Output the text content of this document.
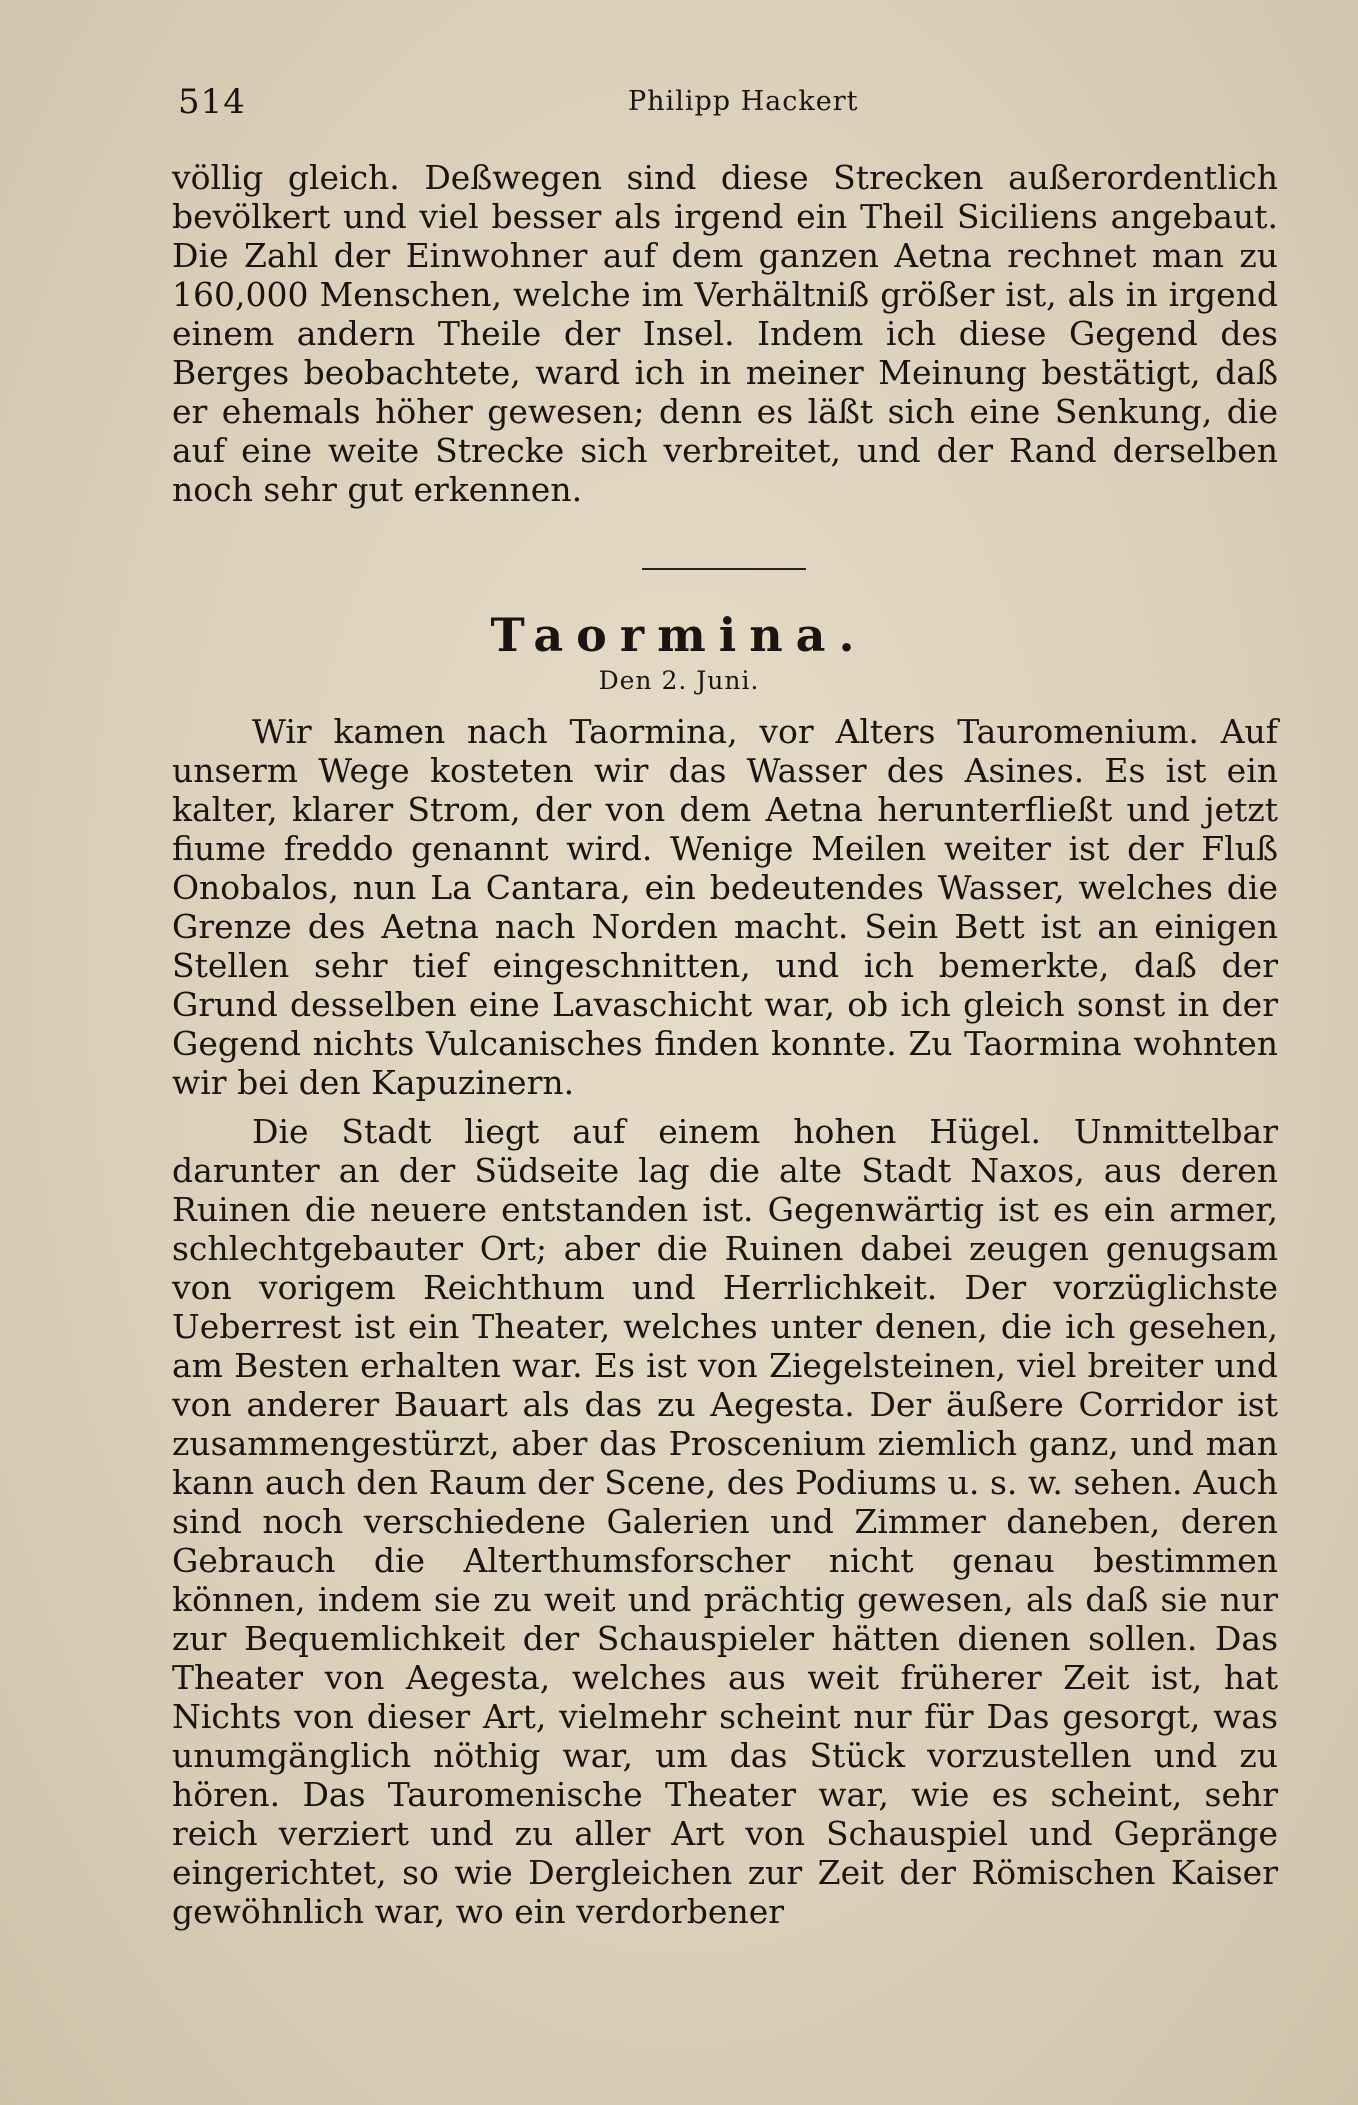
514	Philipp Hackert

völlig gleich. Deßwegen sind diese Strecken außerordentlich bevölkert und viel besser als irgend ein Theil Siciliens angebaut. Die Zahl der Einwohner auf dem ganzen Aetna rechnet man zu 160,000 Menschen, welche im Verhältniß größer ist, als in irgend einem andern Theile der Insel. Indem ich diese Gegend des Berges beobachtete, ward ich in meiner Meinung bestätigt, daß er ehemals höher gewesen; denn es läßt sich eine Senkung, die auf eine weite Strecke sich verbreitet, und der Rand derselben noch sehr gut erkennen.

Taormina.
Den 2. Juni.

Wir kamen nach Taormina, vor Alters Tauromenium. Auf unserm Wege kosteten wir das Wasser des Asines. Es ist ein kalter, klarer Strom, der von dem Aetna herunterfließt und jetzt fiume freddo genannt wird. Wenige Meilen weiter ist der Fluß Onobalos, nun La Cantara, ein bedeutendes Wasser, welches die Grenze des Aetna nach Norden macht. Sein Bett ist an einigen Stellen sehr tief eingeschnitten, und ich bemerkte, daß der Grund desselben eine Lavaschicht war, ob ich gleich sonst in der Gegend nichts Vulcanisches finden konnte. Zu Taormina wohnten wir bei den Kapuzinern.

Die Stadt liegt auf einem hohen Hügel. Unmittelbar darunter an der Südseite lag die alte Stadt Naxos, aus deren Ruinen die neuere entstanden ist. Gegenwärtig ist es ein armer, schlechtgebauter Ort; aber die Ruinen dabei zeugen genugsam von vorigem Reichthum und Herrlichkeit. Der vorzüglichste Ueberrest ist ein Theater, welches unter denen, die ich gesehen, am Besten erhalten war. Es ist von Ziegelsteinen, viel breiter und von anderer Bauart als das zu Aegesta. Der äußere Corridor ist zusammengestürzt, aber das Proscenium ziemlich ganz, und man kann auch den Raum der Scene, des Podiums u. s. w. sehen. Auch sind noch verschiedene Galerien und Zimmer daneben, deren Gebrauch die Alterthumsforscher nicht genau bestimmen können, indem sie zu weit und prächtig gewesen, als daß sie nur zur Bequemlichkeit der Schauspieler hätten dienen sollen. Das Theater von Aegesta, welches aus weit früherer Zeit ist, hat Nichts von dieser Art, vielmehr scheint nur für Das gesorgt, was unumgänglich nöthig war, um das Stück vorzustellen und zu hören. Das Tauromenische Theater war, wie es scheint, sehr reich verziert und zu aller Art von Schauspiel und Gepränge eingerichtet, so wie Dergleichen zur Zeit der Römischen Kaiser gewöhnlich war, wo ein verdorbener
